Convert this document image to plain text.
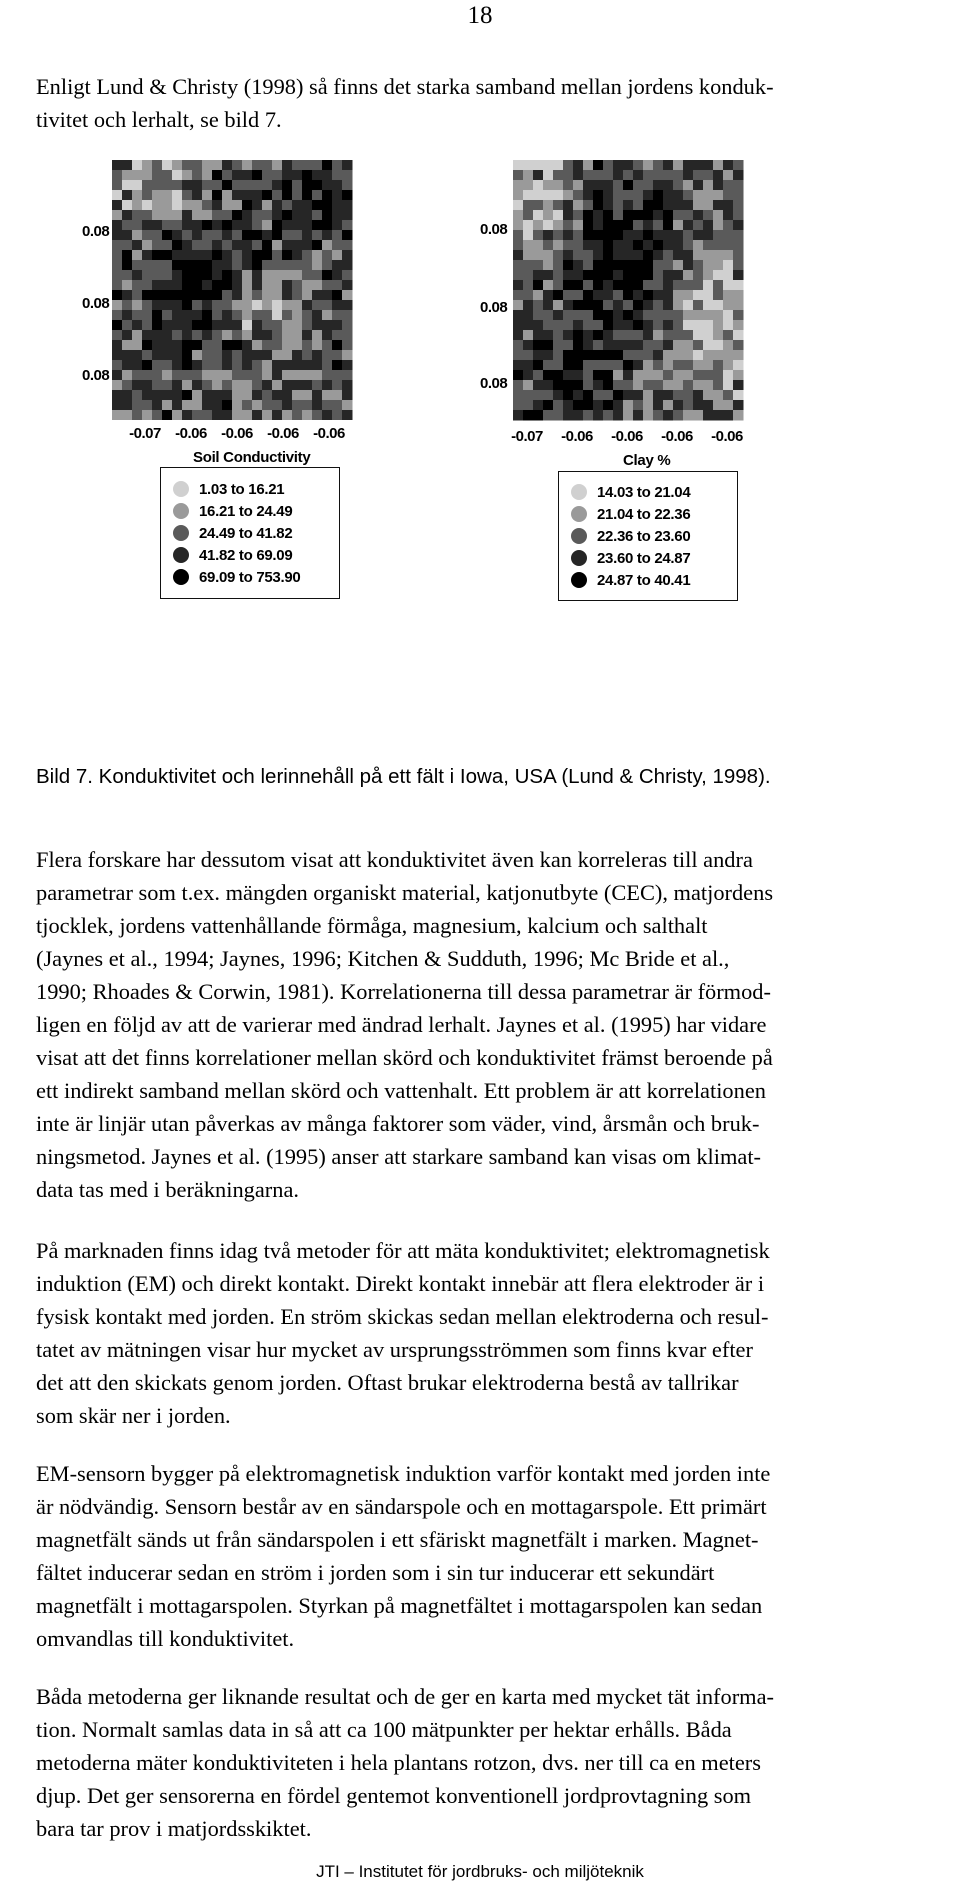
18

Enligt Lund & Christy (1998) så finns det starka samband mellan jordens konduk-
tivitet och lerhalt, se bild 7.

0.08
0.08
0.08
-0.07 -0.06 -0.06 -0.06 -0.06
Soil Conductivity
1.03 to 16.21
16.21 to 24.49
24.49 to 41.82
41.82 to 69.09
69.09 to 753.90
0.08
0.08
0.08
-0.07	-0.06	-0.06	-0.06	-0.06
Clay %
14.03 to 21.04
21.04 to 22.36
22.36 to 23.60
23.60 to 24.87
24.87 to 40.41
Bild 7. Konduktivitet och lerinnehåll på ett fält i Iowa, USA (Lund & Christy, 1998).

Flera forskare har dessutom visat att konduktivitet även kan korreleras till andra
parametrar som t.ex. mängden organiskt material, katjonutbyte (CEC), matjordens
tjocklek, jordens vattenhållande förmåga, magnesium, kalcium och salthalt
(Jaynes et al., 1994; Jaynes, 1996; Kitchen & Sudduth, 1996; Mc Bride et al.,
1990; Rhoades & Corwin, 1981). Korrelationerna till dessa parametrar är förmod-
ligen en följd av att de varierar med ändrad lerhalt. Jaynes et al. (1995) har vidare
visat att det finns korrelationer mellan skörd och konduktivitet främst beroende på
ett indirekt samband mellan skörd och vattenhalt. Ett problem är att korrelationen
inte är linjär utan påverkas av många faktorer som väder, vind, årsmån och bruk-
ningsmetod. Jaynes et al. (1995) anser att starkare samband kan visas om klimat-
data tas med i beräkningarna.

På marknaden finns idag två metoder för att mäta konduktivitet; elektromagnetisk
induktion (EM) och direkt kontakt. Direkt kontakt innebär att flera elektroder är i
fysisk kontakt med jorden. En ström skickas sedan mellan elektroderna och resul-
tatet av mätningen visar hur mycket av ursprungsströmmen som finns kvar efter
det att den skickats genom jorden. Oftast brukar elektroderna bestå av tallrikar
som skär ner i jorden.

EM-sensorn bygger på elektromagnetisk induktion varför kontakt med jorden inte
är nödvändig. Sensorn består av en sändarspole och en mottagarspole. Ett primärt
magnetfält sänds ut från sändarspolen i ett sfäriskt magnetfält i marken. Magnet-
fältet inducerar sedan en ström i jorden som i sin tur inducerar ett sekundärt
magnetfält i mottagarspolen. Styrkan på magnetfältet i mottagarspolen kan sedan
omvandlas till konduktivitet.

Båda metoderna ger liknande resultat och de ger en karta med mycket tät informa-
tion. Normalt samlas data in så att ca 100 mätpunkter per hektar erhålls. Båda
metoderna mäter konduktiviteten i hela plantans rotzon, dvs. ner till ca en meters
djup. Det ger sensorerna en fördel gentemot konventionell jordprovtagning som
bara tar prov i matjordsskiktet.

JTI – Institutet för jordbruks- och miljöteknik
